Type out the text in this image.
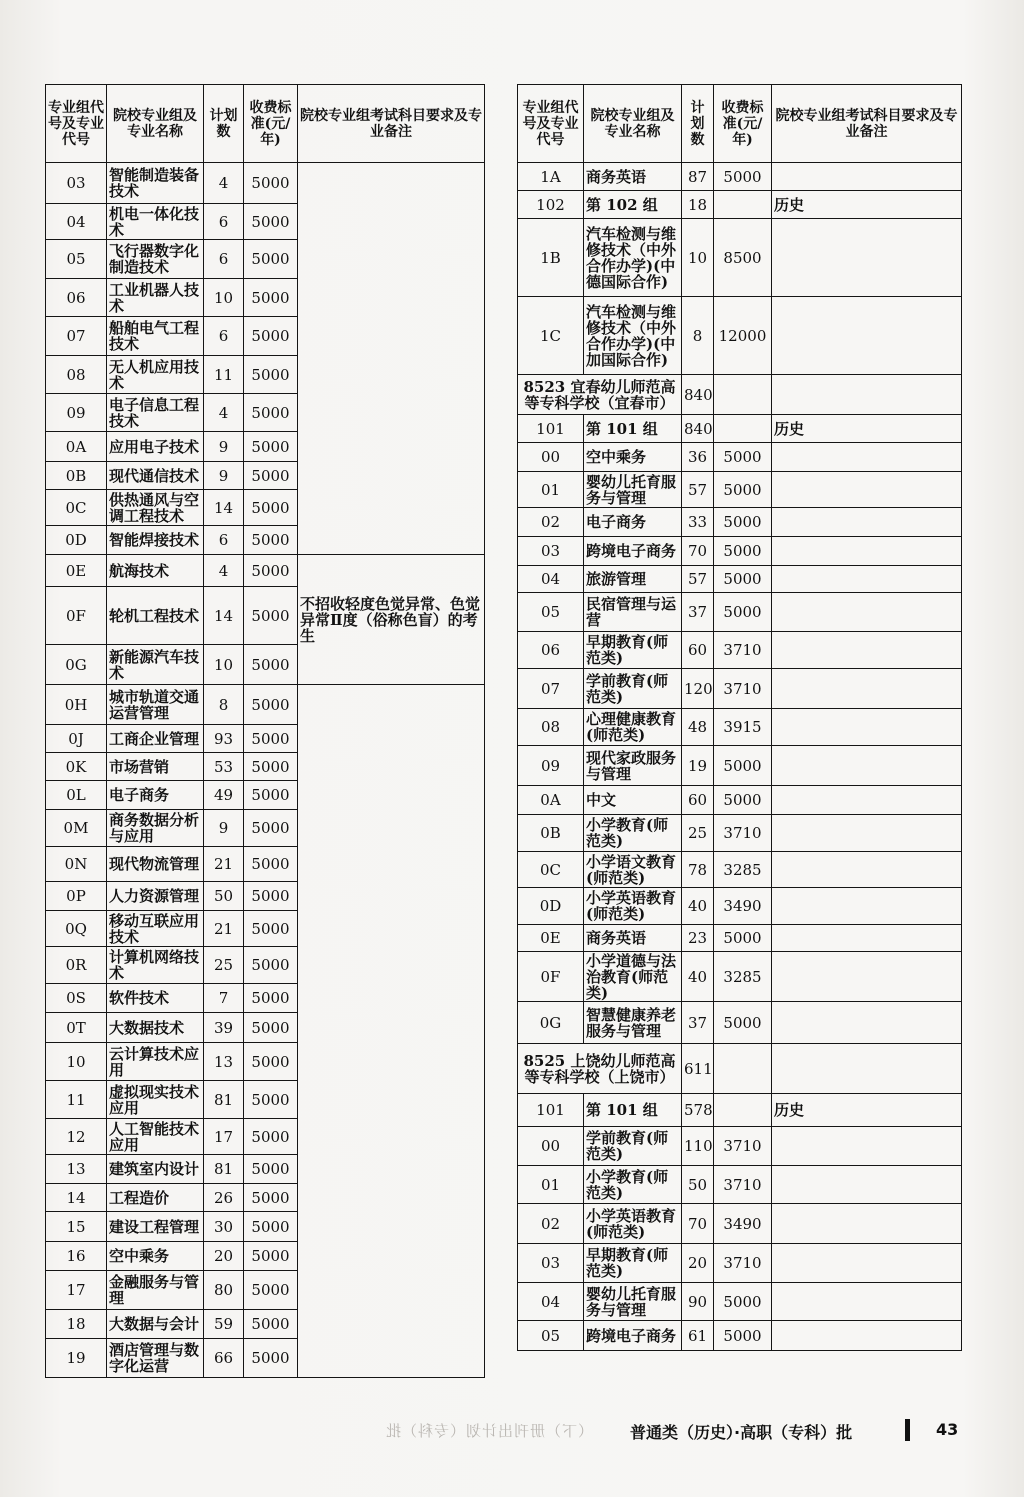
专业组代号及专业代号	院校专业组及专业名称	计划数	收费标准(元/年)	院校专业组考试科目要求及专业备注
03	智能制造装备技术	4	5000	
04	机电一体化技术	6	5000	
05	飞行器数字化制造技术	6	5000	
06	工业机器人技术	10	5000	
07	船舶电气工程技术	6	5000	
08	无人机应用技术	11	5000	
09	电子信息工程技术	4	5000	
0A	应用电子技术	9	5000	
0B	现代通信技术	9	5000	
0C	供热通风与空调工程技术	14	5000	
0D	智能焊接技术	6	5000	
0E	航海技术	4	5000	不招收轻度色觉异常、色觉异常Ⅱ度（俗称色盲）的考生
0F	轮机工程技术	14	5000	
0G	新能源汽车技术	10	5000	
0H	城市轨道交通运营管理	8	5000	
0J	工商企业管理	93	5000	
0K	市场营销	53	5000	
0L	电子商务	49	5000	
0M	商务数据分析与应用	9	5000	
0N	现代物流管理	21	5000	
0P	人力资源管理	50	5000	
0Q	移动互联应用技术	21	5000	
0R	计算机网络技术	25	5000	
0S	软件技术	7	5000	
0T	大数据技术	39	5000	
10	云计算技术应用	13	5000	
11	虚拟现实技术应用	81	5000	
12	人工智能技术应用	17	5000	
13	建筑室内设计	81	5000	
14	工程造价	26	5000	
15	建设工程管理	30	5000	
16	空中乘务	20	5000	
17	金融服务与管理	80	5000	
18	大数据与会计	59	5000	
19	酒店管理与数字化运营	66	5000	
专业组代号及专业代号	院校专业组及专业名称	计划数	收费标准(元/年)	院校专业组考试科目要求及专业备注
1A	商务英语	87	5000	
102	第 102 组	18		历史
1B	汽车检测与维修技术（中外合作办学)(中德国际合作)	10	8500	
1C	汽车检测与维修技术（中外合作办学)(中加国际合作)	8	12000	
8523 宜春幼儿师范高等专科学校（宜春市）		840		
101	第 101 组	840		历史
00	空中乘务	36	5000	
01	婴幼儿托育服务与管理	57	5000	
02	电子商务	33	5000	
03	跨境电子商务	70	5000	
04	旅游管理	57	5000	
05	民宿管理与运营	37	5000	
06	早期教育(师范类)	60	3710	
07	学前教育(师范类)	120	3710	
08	心理健康教育(师范类)	48	3915	
09	现代家政服务与管理	19	5000	
0A	中文	60	5000	
0B	小学教育(师范类)	25	3710	
0C	小学语文教育(师范类)	78	3285	
0D	小学英语教育(师范类)	40	3490	
0E	商务英语	23	5000	
0F	小学道德与法治教育(师范类)	40	3285	
0G	智慧健康养老服务与管理	37	5000	
8525 上饶幼儿师范高等专科学校（上饶市）		611		
101	第 101 组	578		历史
00	学前教育(师范类)	110	3710	
01	小学教育(师范类)	50	3710	
02	小学英语教育(师范类)	70	3490	
03	早期教育(师范类)	20	3710	
04	婴幼儿托育服务与管理	90	5000	
05	跨境电子商务	61	5000	
（下）册刊出计划（专科）批 普通类（历史）·高职（专科）批	43
